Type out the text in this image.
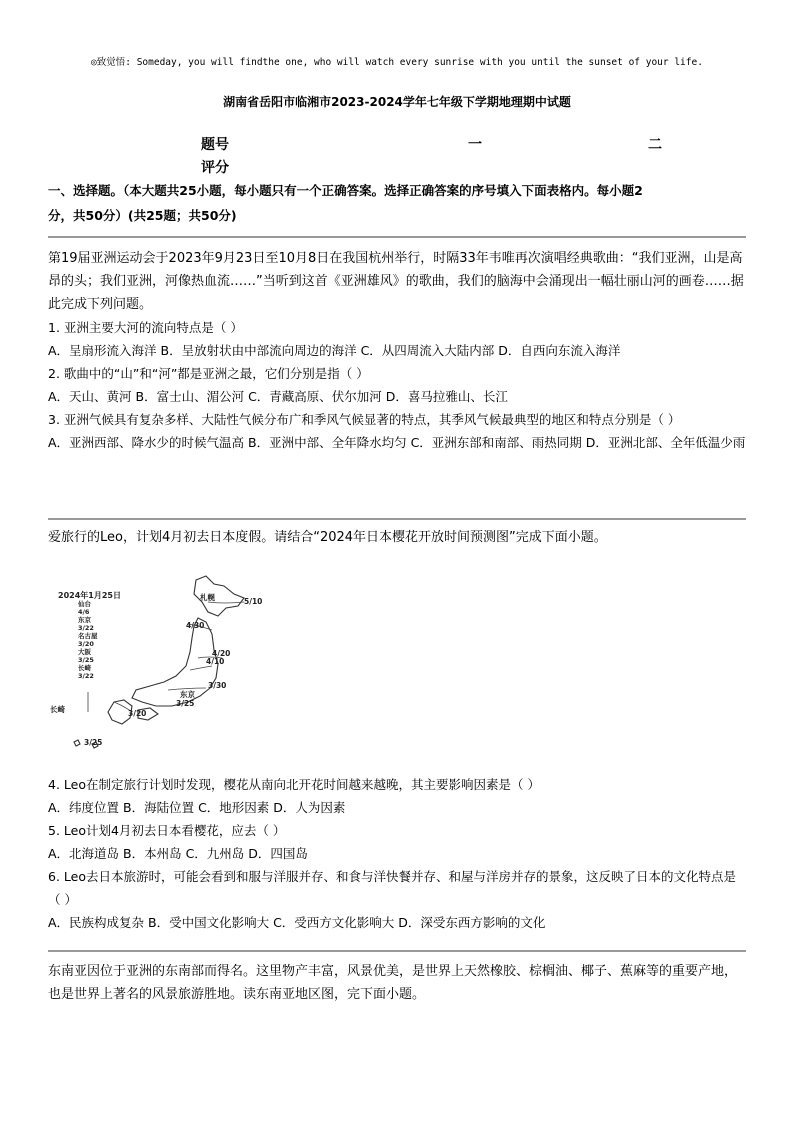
◎致觉悟: Someday, you will findthe one, who will watch every sunrise with you until the sunset of your life.
湖南省岳阳市临湘市2023-2024学年七年级下学期地理期中试题
题号	一	二
评分
一、选择题。（本大题共25小题，每小题只有一个正确答案。选择正确答案的序号填入下面表格内。每小题2
分，共50分）(共25题；共50分)

第19届亚洲运动会于2023年9月23日至10月8日在我国杭州举行，时隔33年韦唯再次演唱经典歌曲：“我们亚洲，山是高昂的头；我们亚洲，河像热血流……”当听到这首《亚洲雄风》的歌曲，我们的脑海中会涌现出一幅壮丽山河的画卷……据此完成下列问题。

1. 亚洲主要大河的流向特点是（ ）

A．呈扇形流入海洋 B．呈放射状由中部流向周边的海洋 C．从四周流入大陆内部 D．自西向东流入海洋

2. 歌曲中的“山”和“河”都是亚洲之最，它们分别是指（ ）

A．天山、黄河 B．富士山、湄公河 C．青藏高原、伏尔加河 D．喜马拉雅山、长江

3. 亚洲气候具有复杂多样、大陆性气候分布广和季风气候显著的特点，其季风气候最典型的地区和特点分别是（ ）

A．亚洲西部、降水少的时候气温高 B．亚洲中部、全年降水均匀 C．亚洲东部和南部、雨热同期 D．亚洲北部、全年低温少雨

爱旅行的Leo，计划4月初去日本度假。请结合“2024年日本樱花开放时间预测图”完成下面小题。
2024年1月25日
仙台
4/6
东京
3/22
名古屋
3/20
大阪
3/25
长崎
3/22
札幌	5/10
4/30
4/20
4/10
3/30
东京
3/25
长崎	3/20
3/25

4. Leo在制定旅行计划时发现，樱花从南向北开花时间越来越晚，其主要影响因素是（ ）

A．纬度位置 B．海陆位置 C．地形因素 D．人为因素

5. Leo计划4月初去日本看樱花，应去（ ）

A．北海道岛 B．本州岛 C．九州岛 D．四国岛

6. Leo去日本旅游时，可能会看到和服与洋服并存、和食与洋快餐并存、和屋与洋房并存的景象，这反映了日本的文化特点是（ ）

A．民族构成复杂 B．受中国文化影响大 C．受西方文化影响大 D．深受东西方影响的文化

东南亚因位于亚洲的东南部而得名。这里物产丰富，风景优美，是世界上天然橡胶、棕榈油、椰子、蕉麻等的重要产地，也是世界上著名的风景旅游胜地。读东南亚地区图，完下面小题。
